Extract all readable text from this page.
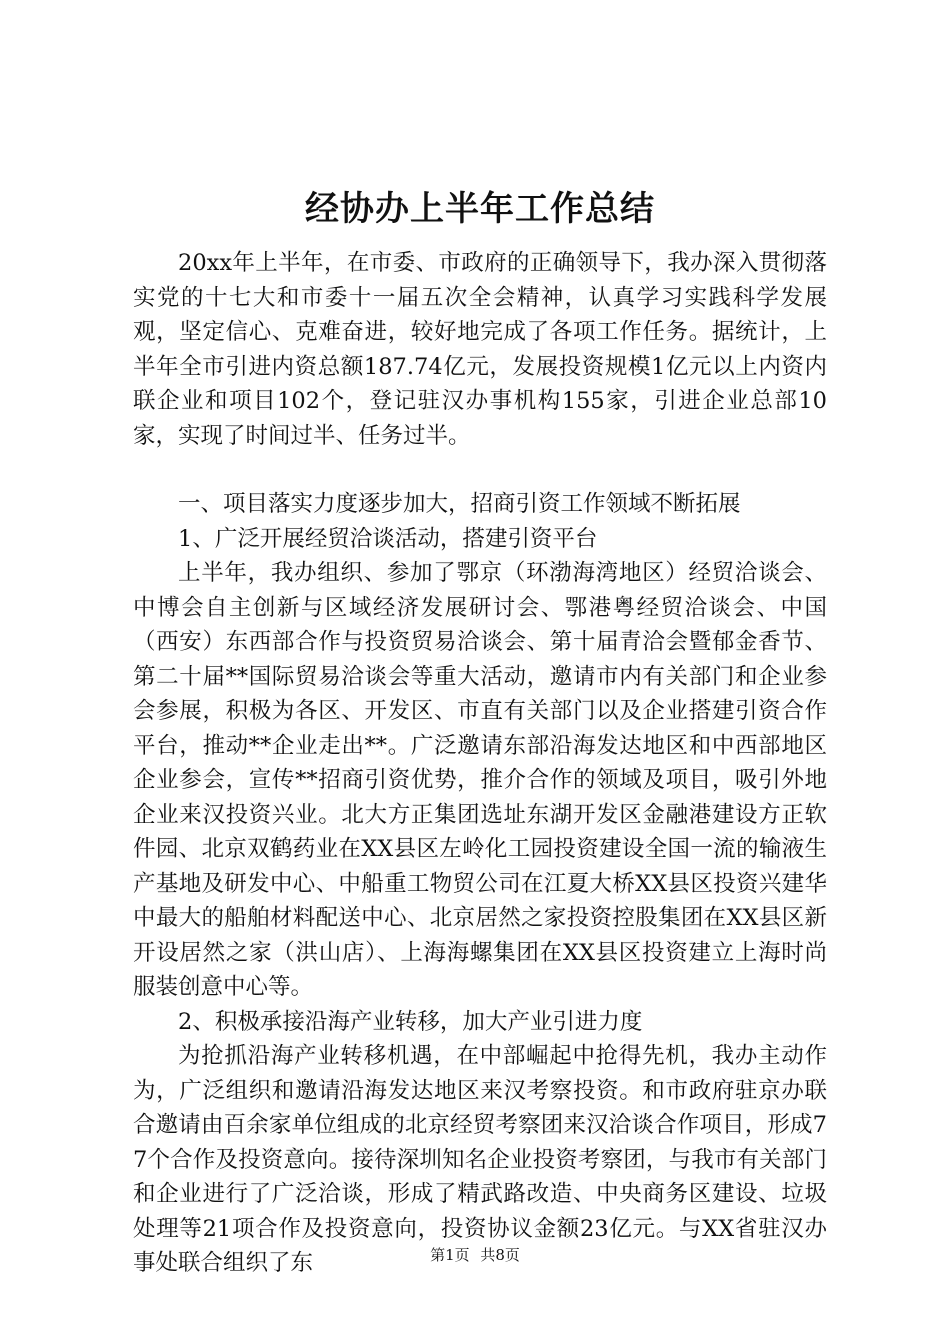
经协办上半年工作总结

20xx年上半年，在市委、市政府的正确领导下，我办深入贯彻落实党的十七大和市委十一届五次全会精神，认真学习实践科学发展观，坚定信心、克难奋进，较好地完成了各项工作任务。据统计，上半年全市引进内资总额187.74亿元，发展投资规模1亿元以上内资内联企业和项目102个，登记驻汉办事机构155家，引进企业总部10家，实现了时间过半、任务过半。

一、项目落实力度逐步加大，招商引资工作领域不断拓展

1、广泛开展经贸洽谈活动，搭建引资平台

上半年，我办组织、参加了鄂京（环渤海湾地区）经贸洽谈会、中博会自主创新与区域经济发展研讨会、鄂港粤经贸洽谈会、中国（西安）东西部合作与投资贸易洽谈会、第十届青洽会暨郁金香节、第二十届**国际贸易洽谈会等重大活动，邀请市内有关部门和企业参会参展，积极为各区、开发区、市直有关部门以及企业搭建引资合作平台，推动**企业走出**。广泛邀请东部沿海发达地区和中西部地区企业参会，宣传**招商引资优势，推介合作的领域及项目，吸引外地企业来汉投资兴业。北大方正集团选址东湖开发区金融港建设方正软件园、北京双鹤药业在XX县区左岭化工园投资建设全国一流的输液生产基地及研发中心、中船重工物贸公司在江夏大桥XX县区投资兴建华中最大的船舶材料配送中心、北京居然之家投资控股集团在XX县区新开设居然之家（洪山店）、上海海螺集团在XX县区投资建立上海时尚服装创意中心等。

2、积极承接沿海产业转移，加大产业引进力度

为抢抓沿海产业转移机遇，在中部崛起中抢得先机，我办主动作为，广泛组织和邀请沿海发达地区来汉考察投资。和市政府驻京办联合邀请由百余家单位组成的北京经贸考察团来汉洽谈合作项目，形成77个合作及投资意向。接待深圳知名企业投资考察团，与我市有关部门和企业进行了广泛洽谈，形成了精武路改造、中央商务区建设、垃圾处理等21项合作及投资意向，投资协议金额23亿元。与XX省驻汉办事处联合组织了东	第1页 共8页
